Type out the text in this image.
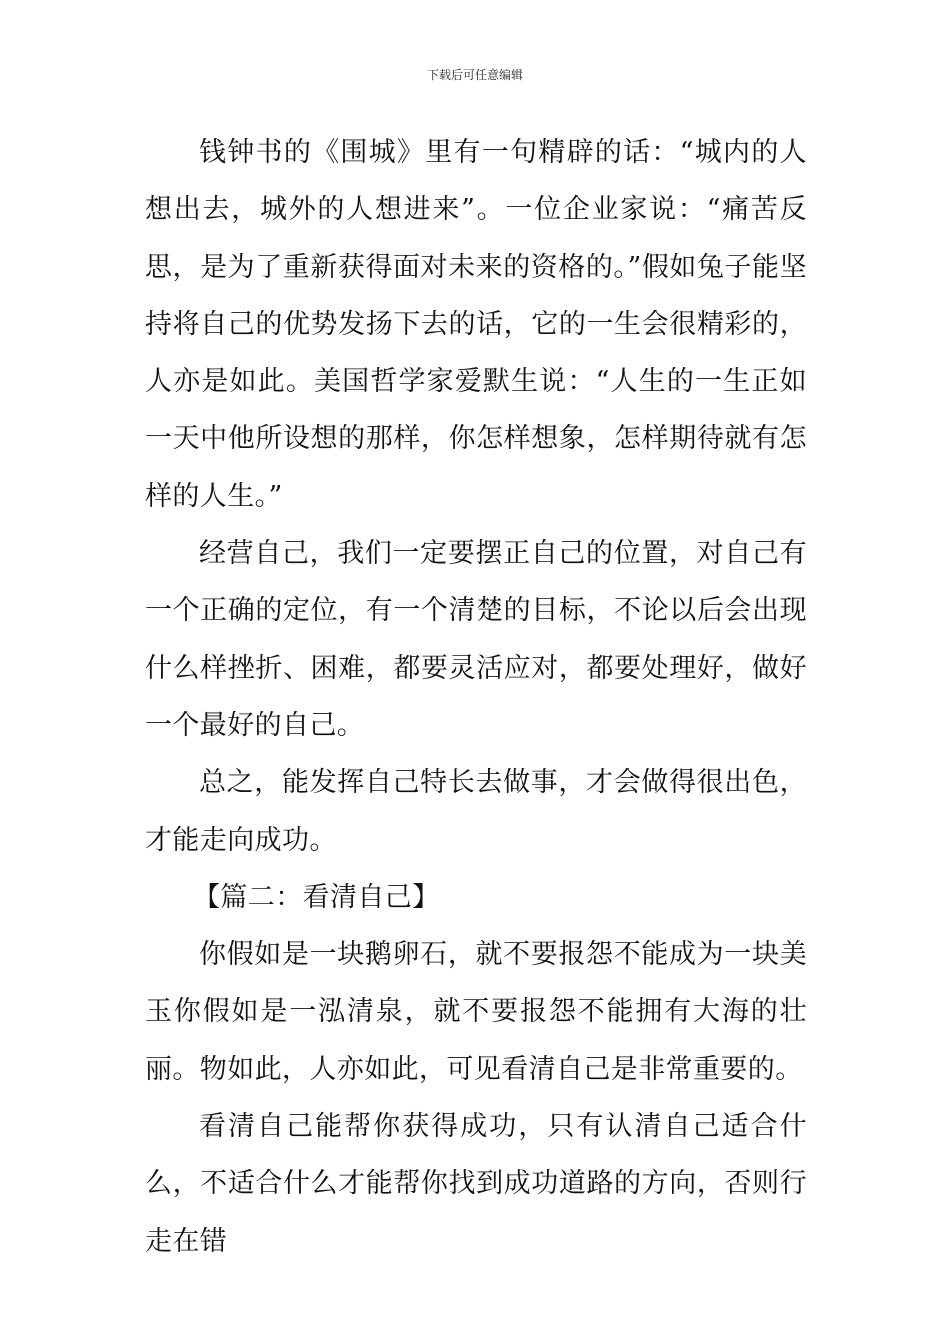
下载后可任意编辑

钱钟书的《围城》里有一句精辟的话：“城内的人想出去，城外的人想进来”。一位企业家说：“痛苦反思，是为了重新获得面对未来的资格的。”假如兔子能坚持将自己的优势发扬下去的话，它的一生会很精彩的，人亦是如此。美国哲学家爱默生说：“人生的一生正如一天中他所设想的那样，你怎样想象，怎样期待就有怎样的人生。”

经营自己，我们一定要摆正自己的位置，对自己有一个正确的定位，有一个清楚的目标，不论以后会出现什么样挫折、困难，都要灵活应对，都要处理好，做好一个最好的自己。

总之，能发挥自己特长去做事，才会做得很出色，才能走向成功。

【篇二：看清自己】

你假如是一块鹅卵石，就不要报怨不能成为一块美玉你假如是一泓清泉，就不要报怨不能拥有大海的壮丽。物如此，人亦如此，可见看清自己是非常重要的。

看清自己能帮你获得成功，只有认清自己适合什么，不适合什么才能帮你找到成功道路的方向，否则行走在错
